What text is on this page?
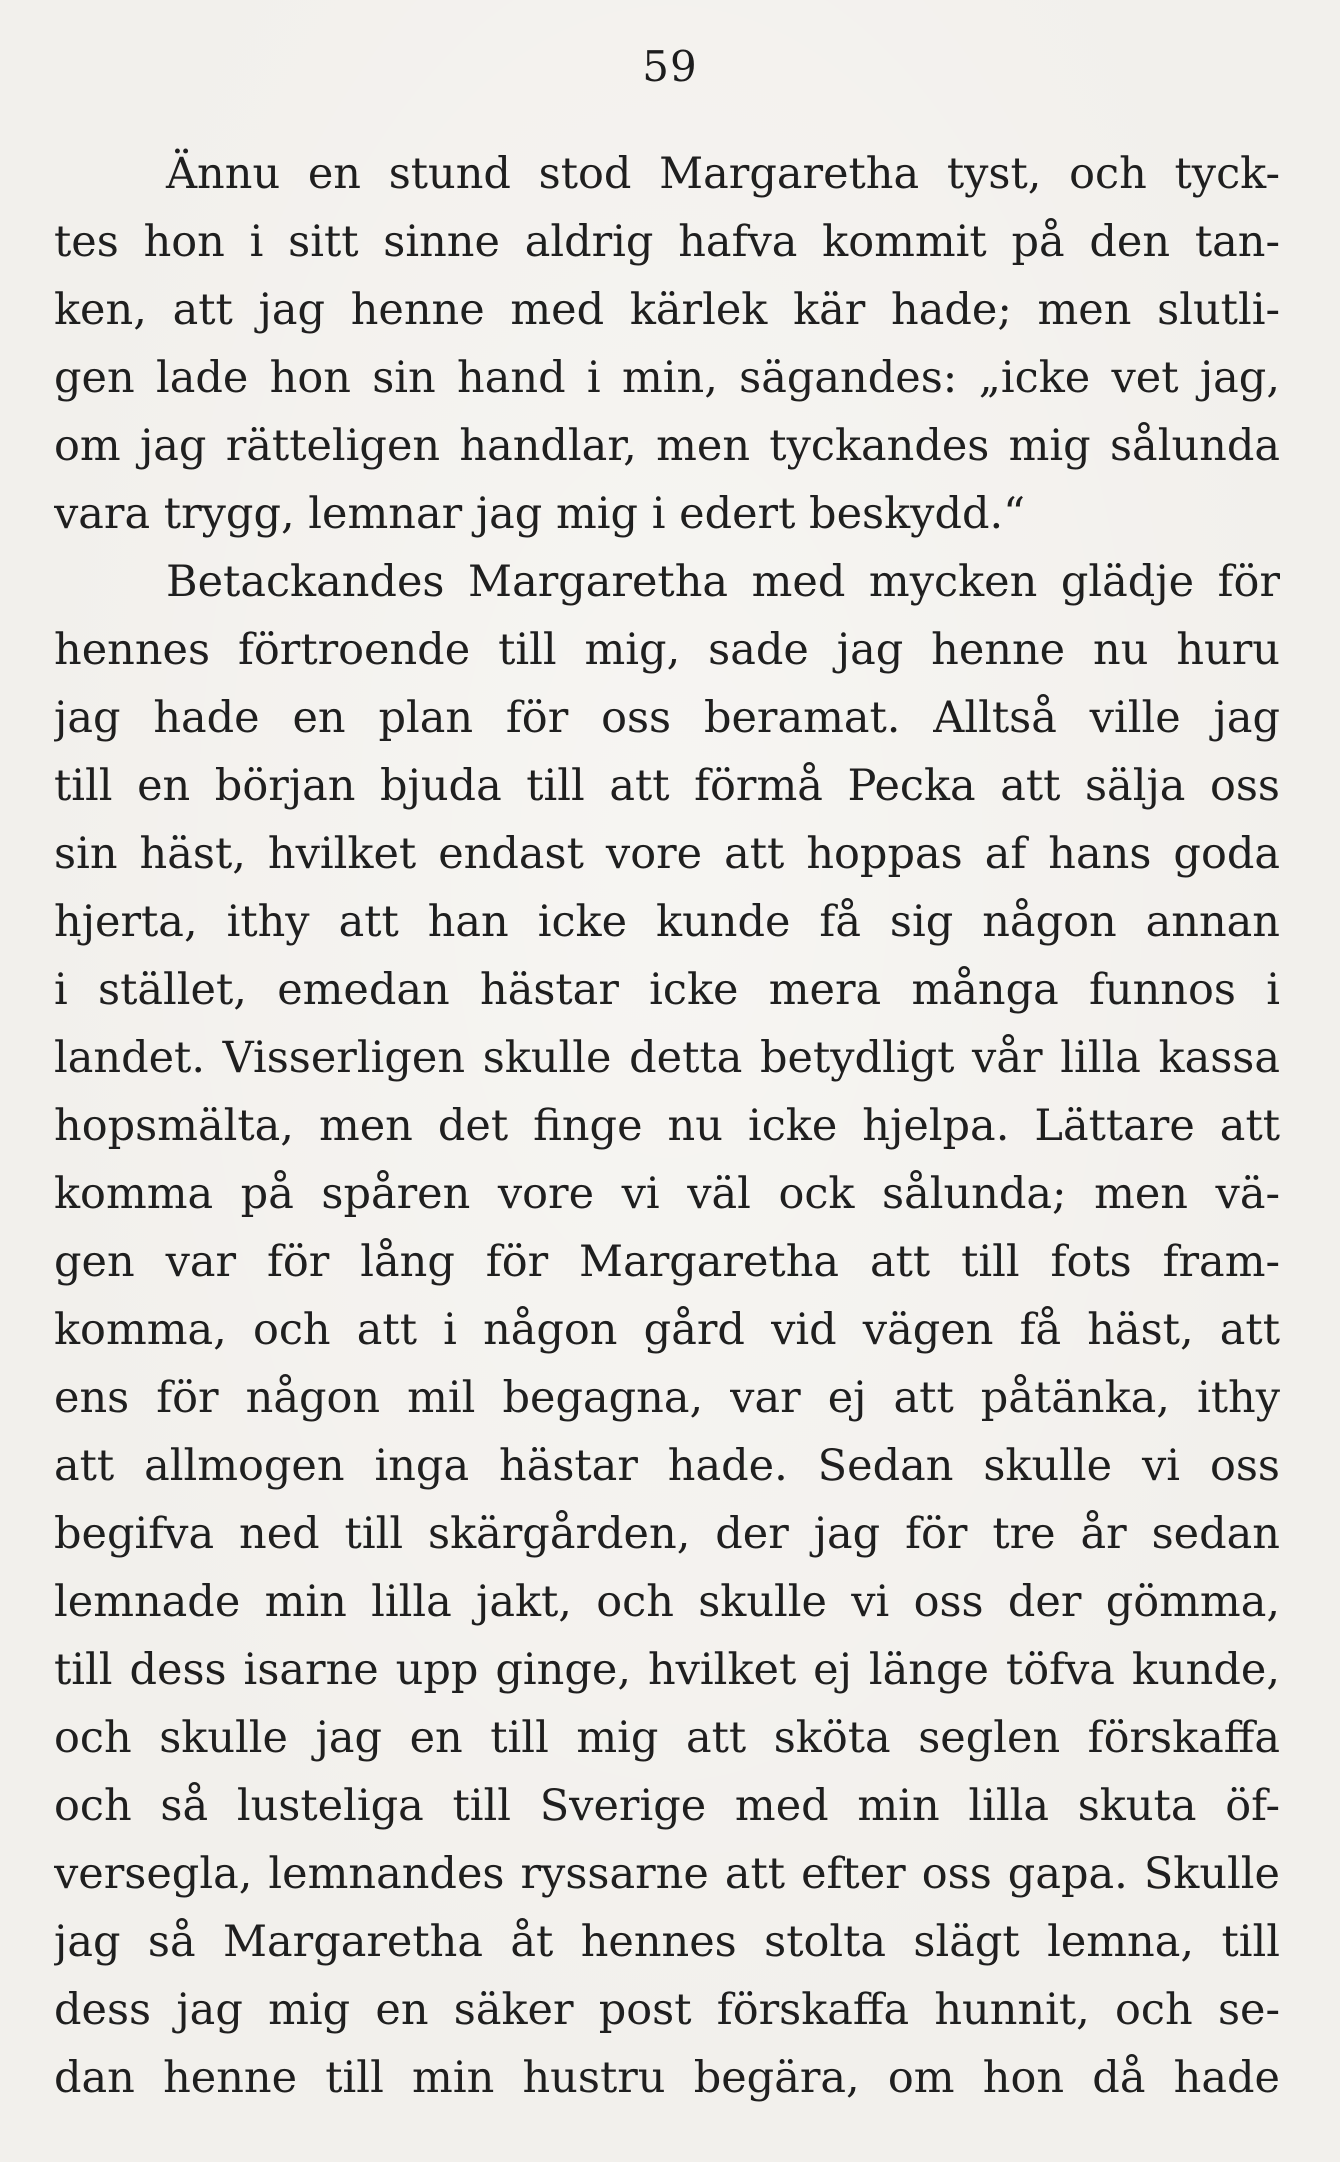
59
Ännu en stund stod Margaretha tyst, och tyck-
tes hon i sitt sinne aldrig hafva kommit på den tan-
ken, att jag henne med kärlek kär hade; men slutli-
gen lade hon sin hand i min, sägandes: „icke vet jag,
om jag rätteligen handlar, men tyckandes mig sålunda
vara trygg, lemnar jag mig i edert beskydd.“
Betackandes Margaretha med mycken glädje för
hennes förtroende till mig, sade jag henne nu huru
jag hade en plan för oss beramat. Alltså ville jag
till en början bjuda till att förmå Pecka att sälja oss
sin häst, hvilket endast vore att hoppas af hans goda
hjerta, ithy att han icke kunde få sig någon annan
i stället, emedan hästar icke mera många funnos i
landet. Visserligen skulle detta betydligt vår lilla kassa
hopsmälta, men det finge nu icke hjelpa. Lättare att
komma på spåren vore vi väl ock sålunda; men vä-
gen var för lång för Margaretha att till fots fram-
komma, och att i någon gård vid vägen få häst, att
ens för någon mil begagna, var ej att påtänka, ithy
att allmogen inga hästar hade. Sedan skulle vi oss
begifva ned till skärgården, der jag för tre år sedan
lemnade min lilla jakt, och skulle vi oss der gömma,
till dess isarne upp ginge, hvilket ej länge töfva kunde,
och skulle jag en till mig att sköta seglen förskaffa
och så lusteliga till Sverige med min lilla skuta öf-
versegla, lemnandes ryssarne att efter oss gapa. Skulle
jag så Margaretha åt hennes stolta slägt lemna, till
dess jag mig en säker post förskaffa hunnit, och se-
dan henne till min hustru begära, om hon då hade
